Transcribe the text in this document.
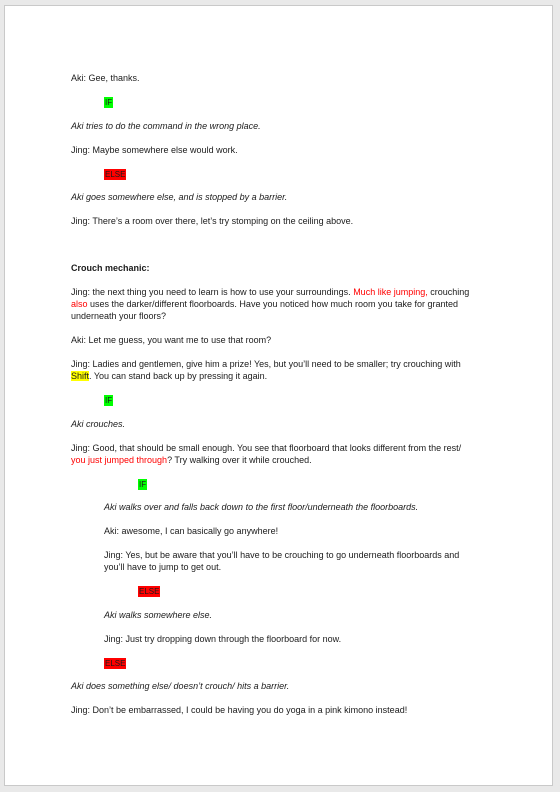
Aki: Gee, thanks.

IF

Aki tries to do the command in the wrong place.

Jing: Maybe somewhere else would work.

ELSE

Aki goes somewhere else, and is stopped by a barrier.

Jing: There’s a room over there, let’s try stomping on the ceiling above.

Crouch mechanic:

Jing: the next thing you need to learn is how to use your surroundings. Much like jumping, crouching

also uses the darker/different floorboards. Have you noticed how much room you take for granted

underneath your floors?

Aki: Let me guess, you want me to use that room?

Jing: Ladies and gentlemen, give him a prize! Yes, but you’ll need to be smaller; try crouching with

Shift. You can stand back up by pressing it again.

IF

Aki crouches.

Jing: Good, that should be small enough. You see that floorboard that looks different from the rest/

you just jumped through? Try walking over it while crouched.

IF

Aki walks over and falls back down to the first floor/underneath the floorboards.

Aki: awesome, I can basically go anywhere!

Jing: Yes, but be aware that you’ll have to be crouching to go underneath floorboards and

you’ll have to jump to get out.

ELSE

Aki walks somewhere else.

Jing: Just try dropping down through the floorboard for now.

ELSE

Aki does something else/ doesn’t crouch/ hits a barrier.

Jing: Don’t be embarrassed, I could be having you do yoga in a pink kimono instead!
